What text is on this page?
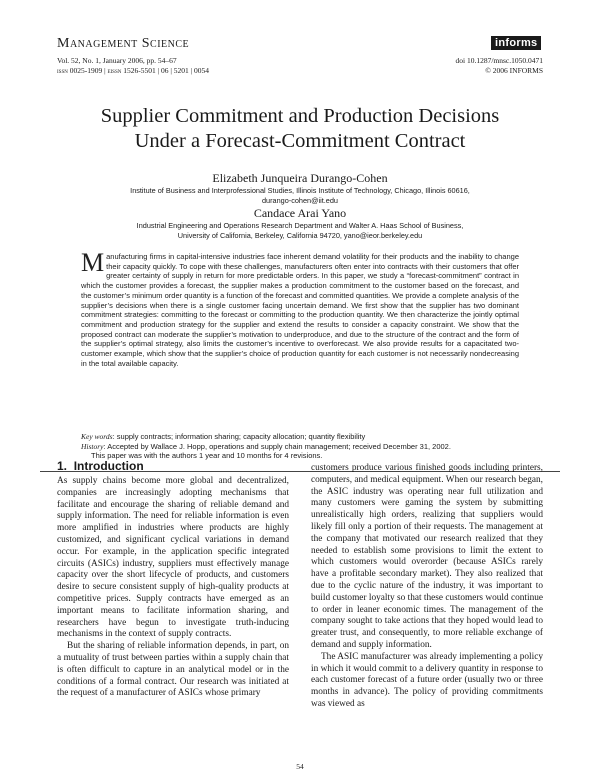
Management Science
Vol. 52, No. 1, January 2006, pp. 54–67
issn 0025-1909 | eissn 1526-5501 | 06 | 5201 | 0054
informs
doi 10.1287/mnsc.1050.0471
© 2006 INFORMS
Supplier Commitment and Production Decisions
Under a Forecast-Commitment Contract
Elizabeth Junqueira Durango-Cohen
Institute of Business and Interprofessional Studies, Illinois Institute of Technology, Chicago, Illinois 60616,
durango-cohen@iit.edu
Candace Arai Yano
Industrial Engineering and Operations Research Department and Walter A. Haas School of Business,
University of California, Berkeley, California 94720, yano@ieor.berkeley.edu
Manufacturing firms in capital-intensive industries face inherent demand volatility for their products and the inability to change their capacity quickly. To cope with these challenges, manufacturers often enter into contracts with their customers that offer greater certainty of supply in return for more predictable orders. In this paper, we study a “forecast-commitment” contract in which the customer provides a forecast, the supplier makes a production commitment to the customer based on the forecast, and the customer’s minimum order quantity is a function of the forecast and committed quantities. We provide a complete analysis of the supplier’s decisions when there is a single customer facing uncertain demand. We first show that the supplier has two dominant commitment strategies: committing to the forecast or committing to the production quantity. We then characterize the jointly optimal commitment and production strategy for the supplier and extend the results to consider a capacity constraint. We show that the proposed contract can moderate the supplier’s motivation to underproduce, and due to the structure of the contract and the form of the supplier’s optimal strategy, also limits the customer’s incentive to overforecast. We also provide results for a capacitated two-customer example, which show that the supplier’s choice of production quantity for each customer is not necessarily nondecreasing in the total available capacity.
Key words: supply contracts; information sharing; capacity allocation; quantity flexibility
History: Accepted by Wallace J. Hopp, operations and supply chain management; received December 31, 2002.
This paper was with the authors 1 year and 10 months for 4 revisions.
1. Introduction

As supply chains become more global and decentralized, companies are increasingly adopting mechanisms that facilitate and encourage the sharing of reliable demand and supply information. The need for reliable information is even more amplified in industries where products are highly customized, and significant cyclical variations in demand occur. For example, in the application specific integrated circuits (ASICs) industry, suppliers must effectively manage capacity over the short lifecycle of products, and customers desire to secure consistent supply of high-quality products at competitive prices. Supply contracts have emerged as an important means to facilitate information sharing, and researchers have begun to investigate truth-inducing mechanisms in the context of supply contracts.

But the sharing of reliable information depends, in part, on a mutuality of trust between parties within a supply chain that is often difficult to capture in an analytical model or in the conditions of a formal contract. Our research was initiated at the request of a manufacturer of ASICs whose primary

customers produce various finished goods including printers, computers, and medical equipment. When our research began, the ASIC industry was operating near full utilization and many customers were gaming the system by submitting unrealistically high orders, realizing that suppliers would likely fill only a portion of their requests. The management at the company that motivated our research realized that they needed to establish some provisions to limit the extent to which customers would overorder (because ASICs rarely have a profitable secondary market). They also realized that due to the cyclic nature of the industry, it was important to build customer loyalty so that these customers would continue to order in leaner economic times. The management of the company sought to take actions that they hoped would lead to greater trust, and consequently, to more reliable exchange of demand and supply information.

The ASIC manufacturer was already implementing a policy in which it would commit to a delivery quantity in response to each customer forecast of a future order (usually two or three months in advance). The policy of providing commitments was viewed as

54
